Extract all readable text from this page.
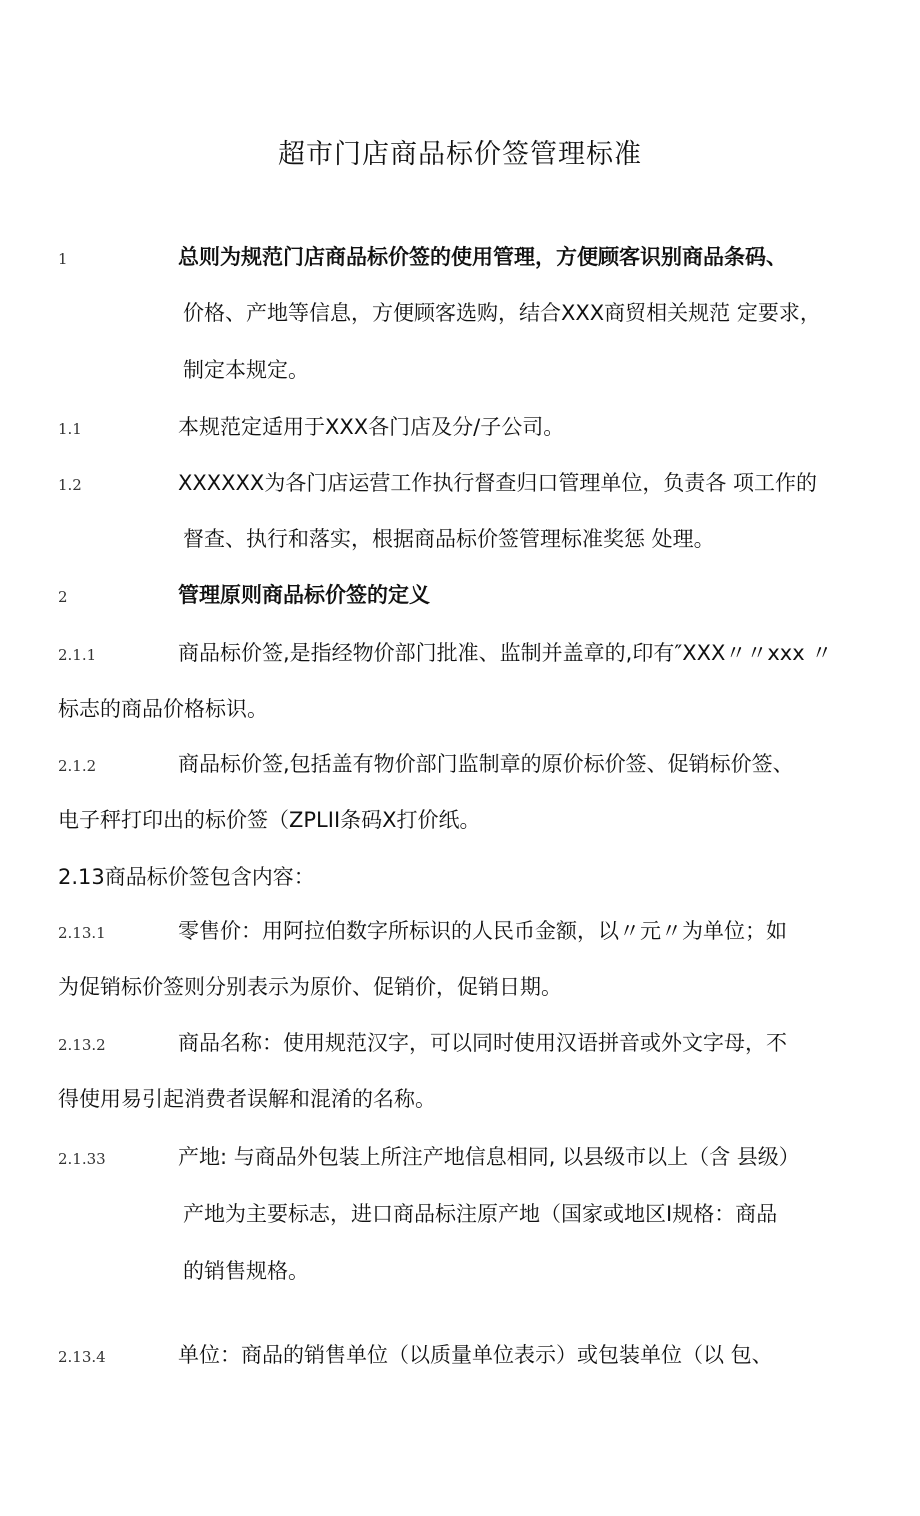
超市门店商品标价签管理标准
1	总则为规范门店商品标价签的使用管理，方便顾客识别商品条码、
价格、产地等信息，方便顾客选购，结合XXX商贸相关规范 定要求，
制定本规定。
1.1	本规范定适用于XXX各门店及分/子公司。
1.2	XXXXXX为各门店运营工作执行督查归口管理单位，负责各 项工作的
督查、执行和落实，根据商品标价签管理标准奖惩 处理。
2	管理原则商品标价签的定义
2.1.1	商品标价签,是指经物价部门批准、监制并盖章的,印有″XXX〃〃xxx 〃
标志的商品价格标识。
2.1.2	商品标价签,包括盖有物价部门监制章的原价标价签、促销标价签、
电子秤打印出的标价签（ZPLII条码X打价纸。
2.13商品标价签包含内容：
2.13.1	零售价：用阿拉伯数字所标识的人民币金额，以〃元〃为单位；如
为促销标价签则分别表示为原价、促销价，促销日期。
2.13.2	商品名称：使用规范汉字，可以同时使用汉语拼音或外文字母，不
得使用易引起消费者误解和混淆的名称。
2.1.33	产地: 与商品外包装上所注产地信息相同, 以县级市以上（含 县级）
产地为主要标志，进口商品标注原产地（国家或地区I规格：商品
的销售规格。
2.13.4	单位：商品的销售单位（以质量单位表示）或包装单位（以 包、
